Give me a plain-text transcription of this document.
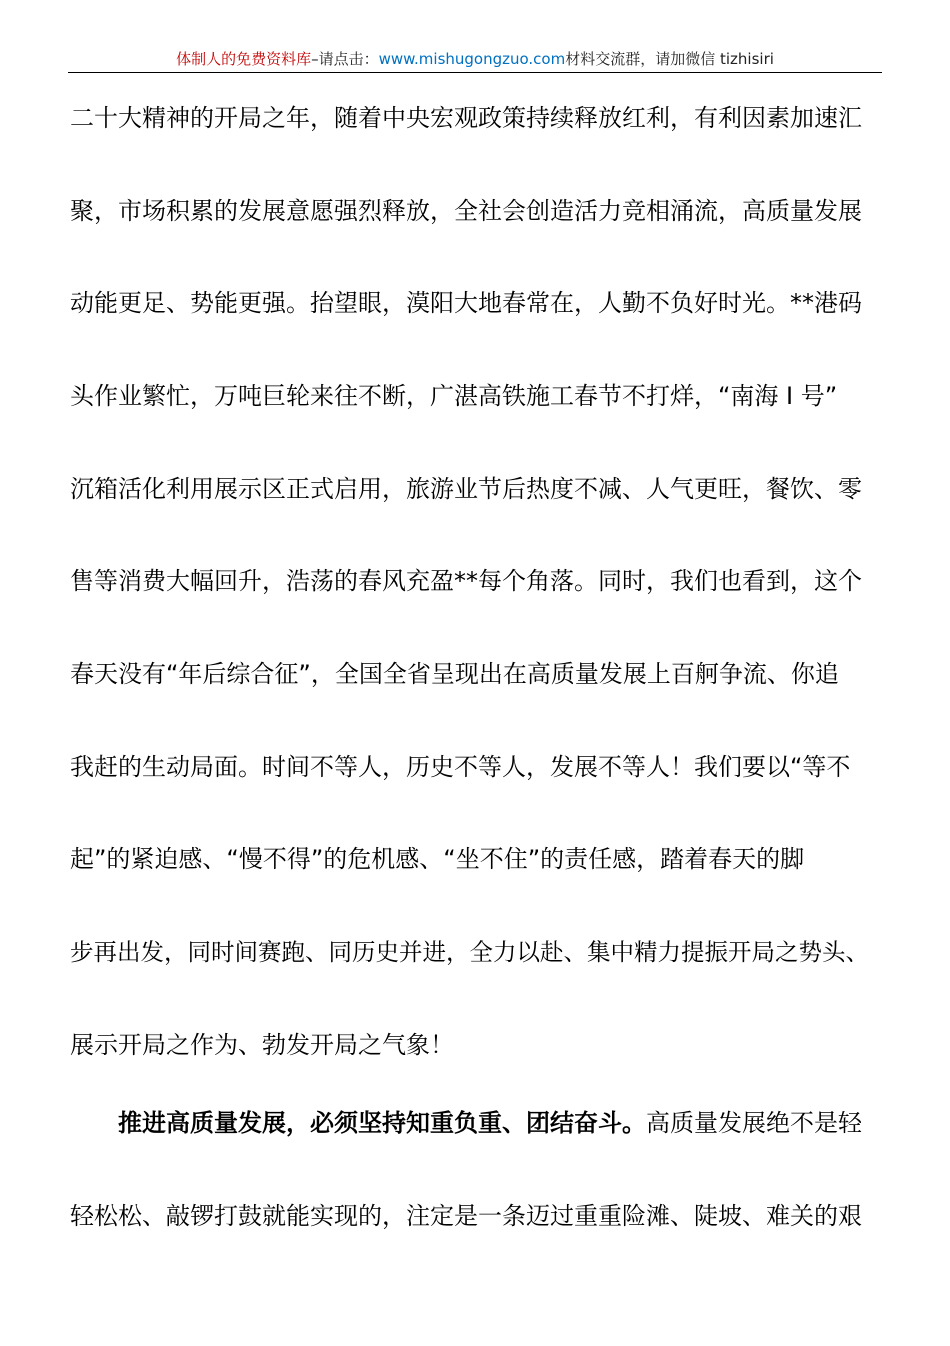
体制人的免费资料库–请点击：www.mishugongzuo.com材料交流群，请加微信 tizhisiri
二十大精神的开局之年，随着中央宏观政策持续释放红利，有利因素加速汇
聚，市场积累的发展意愿强烈释放，全社会创造活力竞相涌流，高质量发展
动能更足、势能更强。抬望眼，漠阳大地春常在，人勤不负好时光。**港码
头作业繁忙，万吨巨轮来往不断，广湛高铁施工春节不打烊，“南海 I 号”
沉箱活化利用展示区正式启用，旅游业节后热度不减、人气更旺，餐饮、零
售等消费大幅回升，浩荡的春风充盈**每个角落。同时，我们也看到，这个
春天没有“年后综合征”，全国全省呈现出在高质量发展上百舸争流、你追
我赶的生动局面。时间不等人，历史不等人，发展不等人！我们要以“等不
起”的紧迫感、“慢不得”的危机感、“坐不住”的责任感，踏着春天的脚
步再出发，同时间赛跑、同历史并进，全力以赴、集中精力提振开局之势头、
展示开局之作为、勃发开局之气象！
推进高质量发展，必须坚持知重负重、团结奋斗。高质量发展绝不是轻
轻松松、敲锣打鼓就能实现的，注定是一条迈过重重险滩、陡坡、难关的艰
